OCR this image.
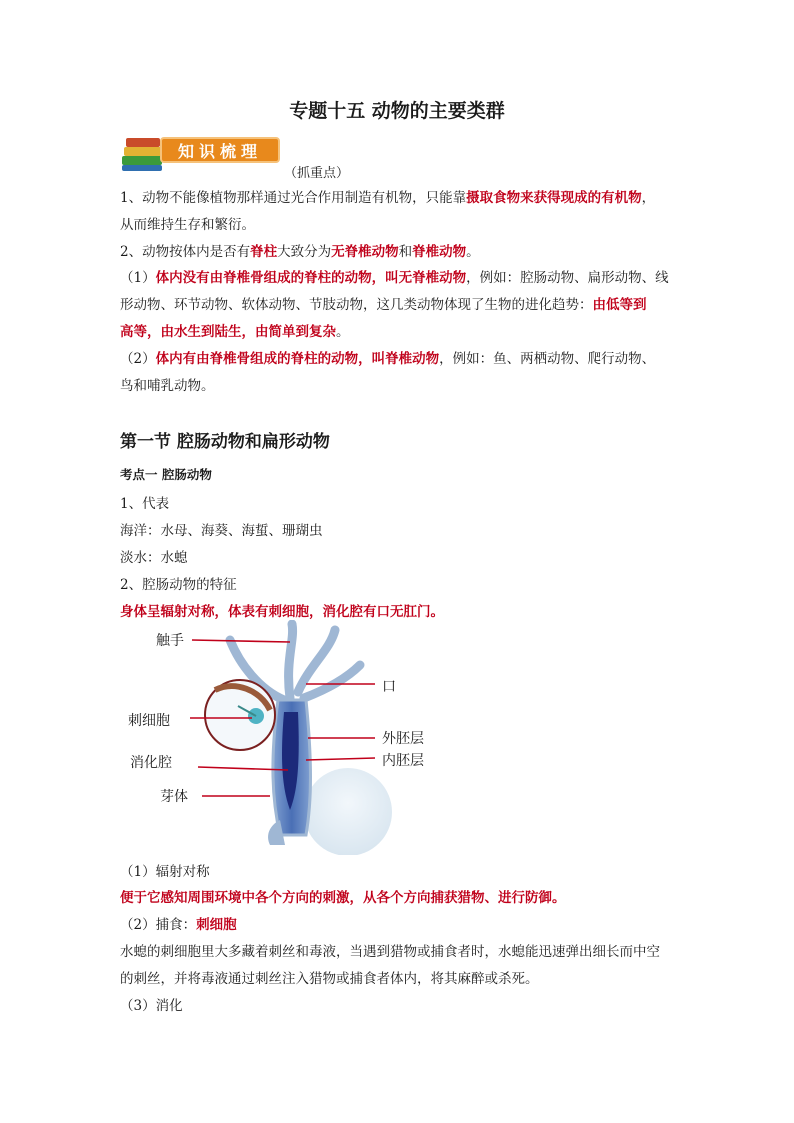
专题十五 动物的主要类群
知识梳理
（抓重点）

1、动物不能像植物那样通过光合作用制造有机物，只能靠摄取食物来获得现成的有机物，
从而维持生存和繁衍。

2、动物按体内是否有脊柱大致分为无脊椎动物和脊椎动物。

（1）体内没有由脊椎骨组成的脊柱的动物，叫无脊椎动物，例如：腔肠动物、扁形动物、线形动物、环节动物、软体动物、节肢动物，这几类动物体现了生物的进化趋势：由低等到
高等，由水生到陆生，由简单到复杂。

（2）体内有由脊椎骨组成的脊柱的动物，叫脊椎动物，例如：鱼、两栖动物、爬行动物、
鸟和哺乳动物。

第一节 腔肠动物和扁形动物
考点一 腔肠动物
1、代表
海洋：水母、海葵、海蜇、珊瑚虫
淡水：水螅
2、腔肠动物的特征
身体呈辐射对称，体表有刺细胞，消化腔有口无肛门。
触手
口
刺细胞
外胚层
消化腔	内胚层
芽体
（1）辐射对称
便于它感知周围环境中各个方向的刺激，从各个方向捕获猎物、进行防御。
（2）捕食：刺细胞
水螅的刺细胞里大多藏着刺丝和毒液，当遇到猎物或捕食者时，水螅能迅速弹出细长而中空
的刺丝，并将毒液通过刺丝注入猎物或捕食者体内，将其麻醉或杀死。
（3）消化
